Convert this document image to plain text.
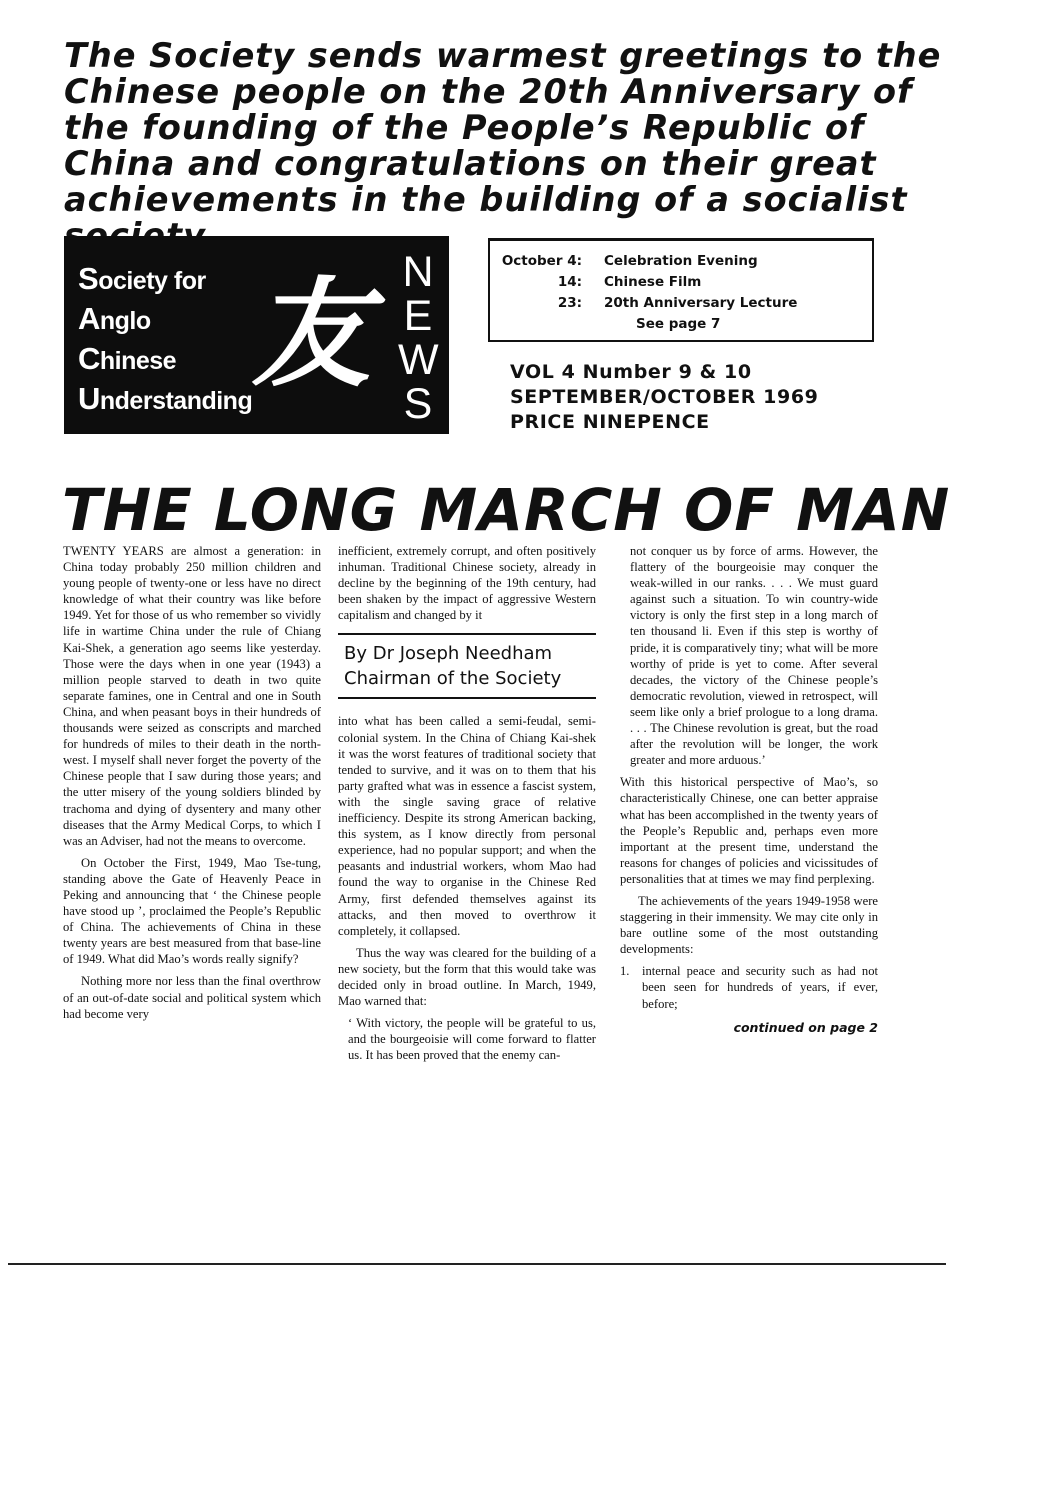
The Society sends warmest greetings to the Chinese people on the 20th Anniversary of the founding of the People’s Republic of China and congratulations on their great achievements in the building of a socialist

Society for
Anglo
Chinese
Understanding 友 N
E
W
S
October 4:	Celebration Evening
14:	Chinese Film
23:	20th Anniversary Lecture
See page 7
VOL 4 Number 9 & 10
SEPTEMBER/OCTOBER 1969
PRICE NINEPENCE
THE LONG MARCH OF MAN

TWENTY YEARS are almost a generation: in China today probably 250 million children and young people of twenty-one or less have no direct knowledge of what their country was like before 1949. Yet for those of us who remember so vividly life in wartime China under the rule of Chiang Kai-Shek, a generation ago seems like yesterday. Those were the days when in one year (1943) a million people starved to death in two quite separate famines, one in Central and one in South China, and when peasant boys in their hundreds of thousands were seized as conscripts and marched for hundreds of miles to their death in the north-west. I myself shall never forget the poverty of the Chinese people that I saw during those years; and the utter misery of the young soldiers blinded by trachoma and dying of dysentery and many other diseases that the Army Medical Corps, to which I was an Adviser, had not the means to overcome.

On October the First, 1949, Mao Tse-tung, standing above the Gate of Heavenly Peace in Peking and announcing that ‘ the Chinese people have stood up ’, proclaimed the People’s Republic of China. The achievements of China in these twenty years are best measured from that base-line of 1949. What did Mao’s words really signify?

Nothing more nor less than the final overthrow of an out-of-date social and political system which had become very

inefficient, extremely corrupt, and often positively inhuman. Traditional Chinese society, already in decline by the beginning of the 19th century, had been shaken by the impact of aggressive Western capitalism and changed by it

By Dr Joseph Needham
Chairman of the Society

into what has been called a semi-feudal, semi-colonial system. In the China of Chiang Kai-shek it was the worst features of traditional society that tended to survive, and it was on to them that his party grafted what was in essence a fascist system, with the single saving grace of relative inefficiency. Despite its strong American backing, this system, as I know directly from personal experience, had no popular support; and when the peasants and industrial workers, whom Mao had found the way to organise in the Chinese Red Army, first defended themselves against its attacks, and then moved to overthrow it completely, it collapsed.

Thus the way was cleared for the building of a new society, but the form that this would take was decided only in broad outline. In March, 1949, Mao warned that:

‘ With victory, the people will be grateful to us, and the bourgeoisie will come forward to flatter us. It has been proved that the enemy can-

not conquer us by force of arms. However, the flattery of the bourgeoisie may conquer the weak-willed in our ranks. . . . We must guard against such a situation. To win country-wide victory is only the first step in a long march of ten thousand li. Even if this step is worthy of pride, it is comparatively tiny; what will be more worthy of pride is yet to come. After several decades, the victory of the Chinese people’s democratic revolution, viewed in retrospect, will seem like only a brief prologue to a long drama. . . . The Chinese revolution is great, but the road after the revolution will be longer, the work greater and more arduous.’

With this historical perspective of Mao’s, so characteristically Chinese, one can better appraise what has been accomplished in the twenty years of the People’s Republic and, perhaps even more important at the present time, understand the reasons for changes of policies and vicissitudes of personalities that at times we may find perplexing.

The achievements of the years 1949-1958 were staggering in their immensity. We may cite only in bare outline some of the most outstanding developments:

1. internal peace and security such as had not been seen for hundreds of years, if ever, before;
continued on page 2
